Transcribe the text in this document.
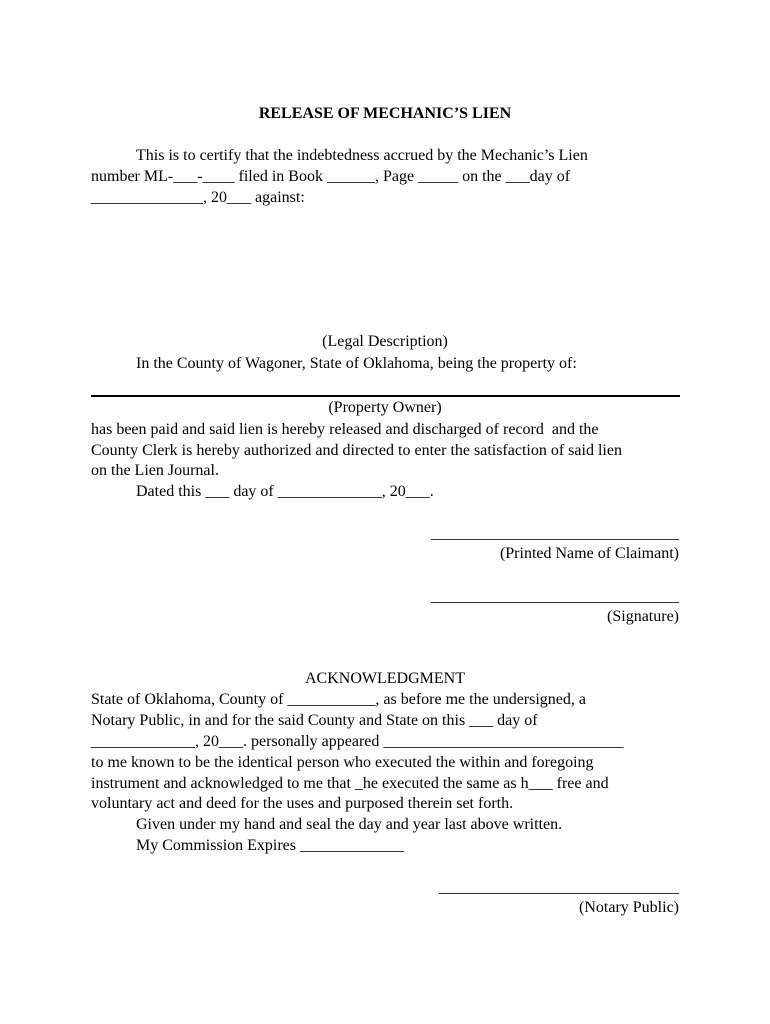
RELEASE OF MECHANIC’S LIEN
This is to certify that the indebtedness accrued by the Mechanic’s Lien
number ML-___-____ filed in Book ______, Page _____ on the ___day of
______________, 20___ against:
(Legal Description)
In the County of Wagoner, State of Oklahoma, being the property of:
(Property Owner)
has been paid and said lien is hereby released and discharged of record  and the
County Clerk is hereby authorized and directed to enter the satisfaction of said lien
on the Lien Journal.
Dated this ___ day of _____________, 20___.
_______________________________
(Printed Name of Claimant)
_______________________________
(Signature)
ACKNOWLEDGMENT
State of Oklahoma, County of ___________, as before me the undersigned, a
Notary Public, in and for the said County and State on this ___ day of
_____________, 20___. personally appeared ______________________________
to me known to be the identical person who executed the within and foregoing
instrument and acknowledged to me that _he executed the same as h___ free and
voluntary act and deed for the uses and purposed therein set forth.
Given under my hand and seal the day and year last above written.
My Commission Expires _____________
______________________________
(Notary Public)
